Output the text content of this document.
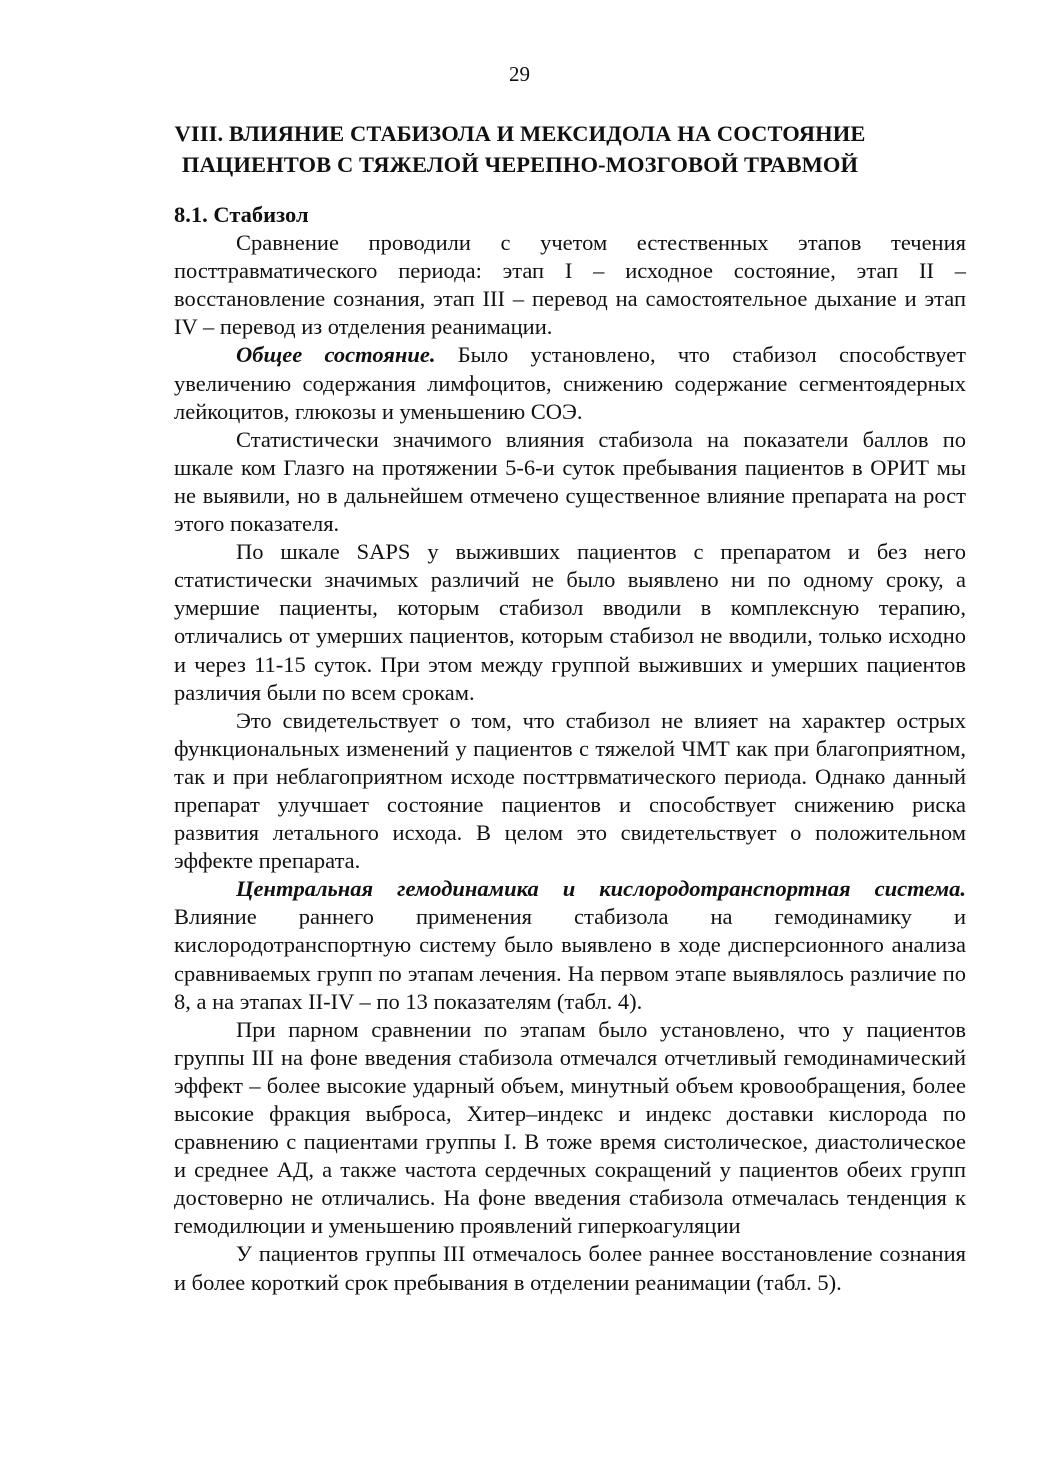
29
VIII. ВЛИЯНИЕ СТАБИЗОЛА И МЕКСИДОЛА НА СОСТОЯНИЕ
ПАЦИЕНТОВ С ТЯЖЕЛОЙ ЧЕРЕПНО-МОЗГОВОЙ ТРАВМОЙ

8.1. Стабизол

Сравнение проводили с учетом естественных этапов течения посттравматического периода: этап I – исходное состояние, этап II – восстановление сознания, этап III – перевод на самостоятельное дыхание и этап IV – перевод из отделения реанимации.

Общее состояние. Было установлено, что стабизол способствует увеличению содержания лимфоцитов, снижению содержание сегментоядерных лейкоцитов, глюкозы и уменьшению СОЭ.

Статистически значимого влияния стабизола на показатели баллов по шкале ком Глазго на протяжении 5-6-и суток пребывания пациентов в ОРИТ мы не выявили, но в дальнейшем отмечено существенное влияние препарата на рост этого показателя.

По шкале SAPS у выживших пациентов с препаратом и без него статистически значимых различий не было выявлено ни по одному сроку, а умершие пациенты, которым стабизол вводили в комплексную терапию, отличались от умерших пациентов, которым стабизол не вводили, только исходно и через 11-15 суток. При этом между группой выживших и умерших пациентов различия были по всем срокам.

Это свидетельствует о том, что стабизол не влияет на характер острых функциональных изменений у пациентов с тяжелой ЧМТ как при благоприятном, так и при неблагоприятном исходе посттрвматического периода. Однако данный препарат улучшает состояние пациентов и способствует снижению риска развития летального исхода. В целом это свидетельствует о положительном эффекте препарата.

Центральная гемодинамика и кислородотранспортная система. Влияние раннего применения стабизола на гемодинамику и кислородотранспортную систему было выявлено в ходе дисперсионного анализа сравниваемых групп по этапам лечения. На первом этапе выявлялось различие по 8, а на этапах II-IV – по 13 показателям (табл. 4).

При парном сравнении по этапам было установлено, что у пациентов группы III на фоне введения стабизола отмечался отчетливый гемодинамический эффект – более высокие ударный объем, минутный объем кровообращения, более высокие фракция выброса, Хитер–индекс и индекс доставки кислорода по сравнению с пациентами группы I. В тоже время систолическое, диастолическое и среднее АД, а также частота сердечных сокращений у пациентов обеих групп достоверно не отличались. На фоне введения стабизола отмечалась тенденция к гемодилюции и уменьшению проявлений гиперкоагуляции

У пациентов группы III отмечалось более раннее восстановление сознания и более короткий срок пребывания в отделении реанимации (табл. 5).
